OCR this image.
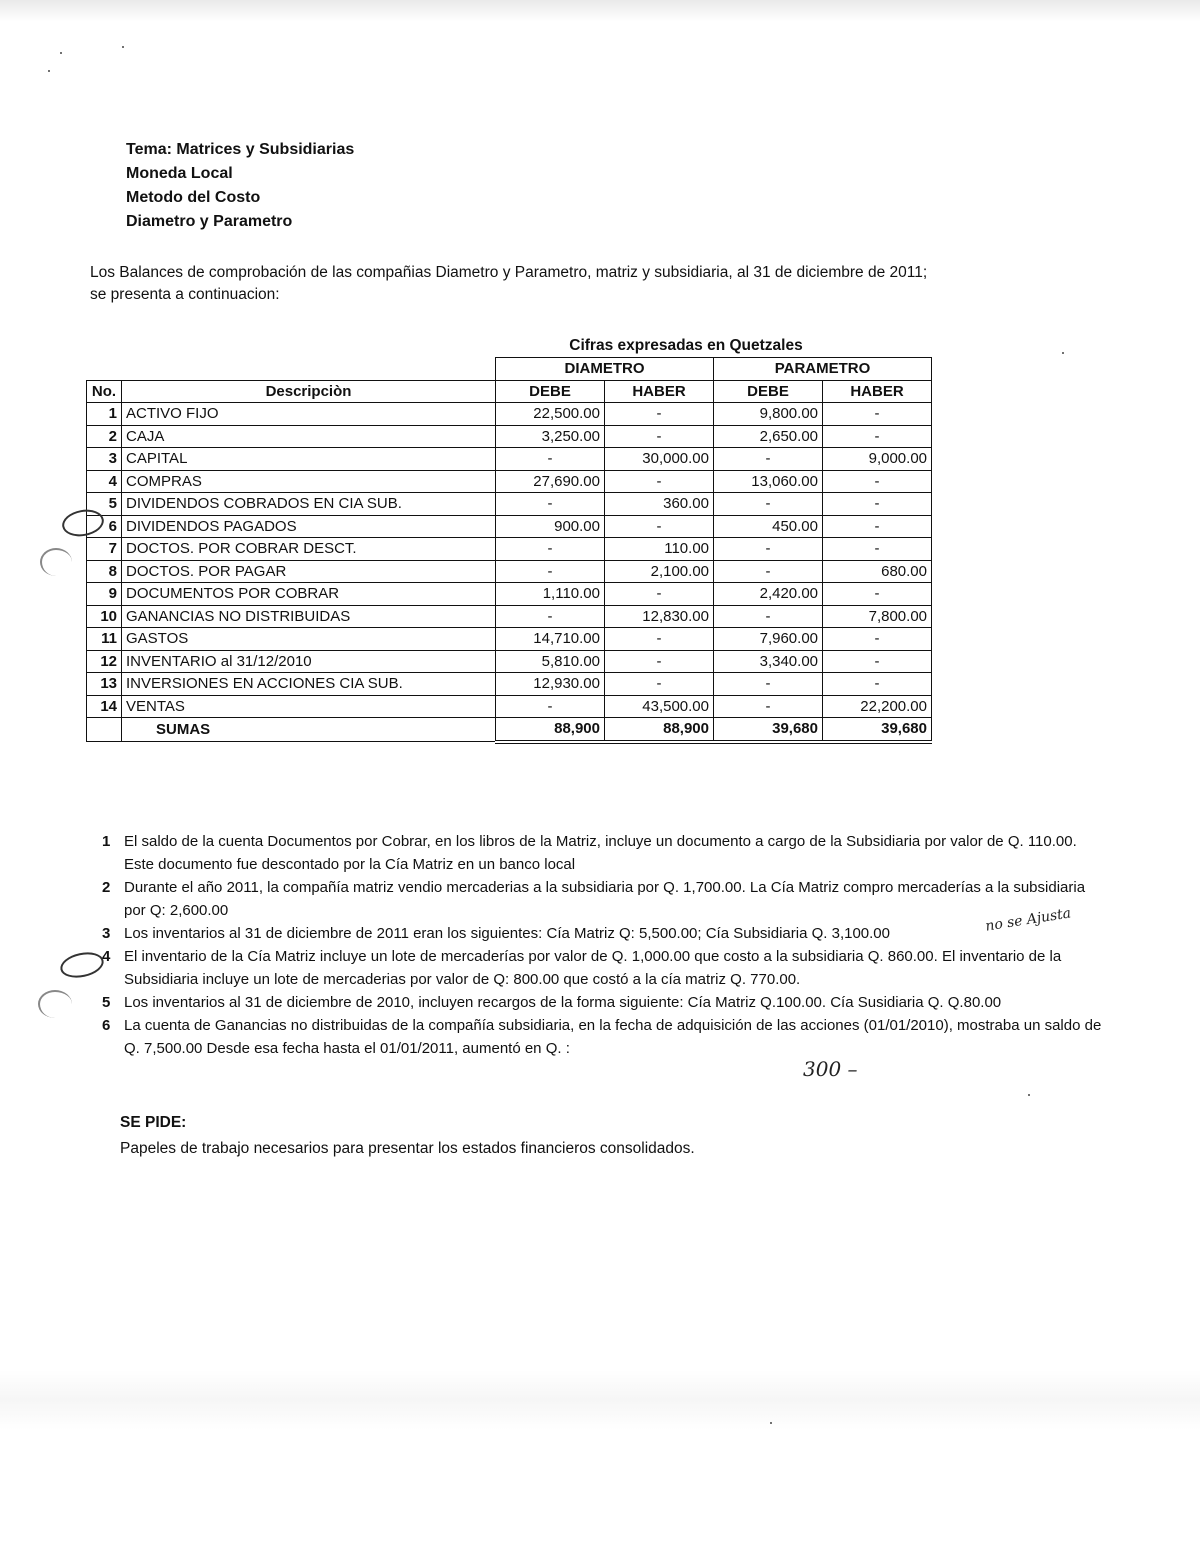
Tema: Matrices y Subsidiarias
Moneda Local
Metodo del Costo
Diametro y Parametro
Los Balances de comprobación de las compañias Diametro y Parametro, matriz y subsidiaria, al 31 de diciembre de 2011;
se presenta a continuacion:
Cifras expresadas en Quetzales
		DIAMETRO		PARAMETRO	
No.	Descripciòn	DEBE	HABER	DEBE	HABER
1	ACTIVO FIJO	22,500.00	-	9,800.00	-
2	CAJA	3,250.00	-	2,650.00	-
3	CAPITAL	-	30,000.00	-	9,000.00
4	COMPRAS	27,690.00	-	13,060.00	-
5	DIVIDENDOS COBRADOS EN CIA SUB.	-	360.00	-	-
6	DIVIDENDOS PAGADOS	900.00	-	450.00	-
7	DOCTOS. POR COBRAR DESCT.	-	110.00	-	-
8	DOCTOS. POR PAGAR	-	2,100.00	-	680.00
9	DOCUMENTOS POR COBRAR	1,110.00	-	2,420.00	-
10	GANANCIAS NO DISTRIBUIDAS	-	12,830.00	-	7,800.00
11	GASTOS	14,710.00	-	7,960.00	-
12	INVENTARIO al 31/12/2010	5,810.00	-	3,340.00	-
13	INVERSIONES EN ACCIONES CIA SUB.	12,930.00	-	-	-
14	VENTAS	-	43,500.00	-	22,200.00
	SUMAS	88,900	88,900	39,680	39,680
1 El saldo de la cuenta Documentos por Cobrar, en los libros de la Matriz, incluye un documento a cargo de la Subsidiaria por valor de Q. 110.00. Este documento fue descontado por la Cía Matriz en un banco local
2 Durante el año 2011, la compañía matriz vendio mercaderias a la subsidiaria por Q. 1,700.00. La Cía Matriz compro mercaderías a la subsidiaria por Q: 2,600.00
3 Los inventarios al 31 de diciembre de 2011 eran los siguientes: Cía Matriz Q: 5,500.00; Cía Subsidiaria Q. 3,100.00
4 El inventario de la Cía Matriz incluye un lote de mercaderías por valor de Q. 1,000.00 que costo a la subsidiaria Q. 860.00. El inventario de la Subsidiaria incluye un lote de mercaderias por valor de Q: 800.00 que costó a la cía matriz Q. 770.00.
5 Los inventarios al 31 de diciembre de 2010, incluyen recargos de la forma siguiente: Cía Matriz Q.100.00. Cía Susidiaria Q. Q.80.00
6 La cuenta de Ganancias no distribuidas de la compañía subsidiaria, en la fecha de adquisición de las acciones (01/01/2010), mostraba un saldo de Q. 7,500.00 Desde esa fecha hasta el 01/01/2011, aumentó en Q. :
no se Ajusta
300 –
SE PIDE:
Papeles de trabajo necesarios para presentar los estados financieros consolidados.
